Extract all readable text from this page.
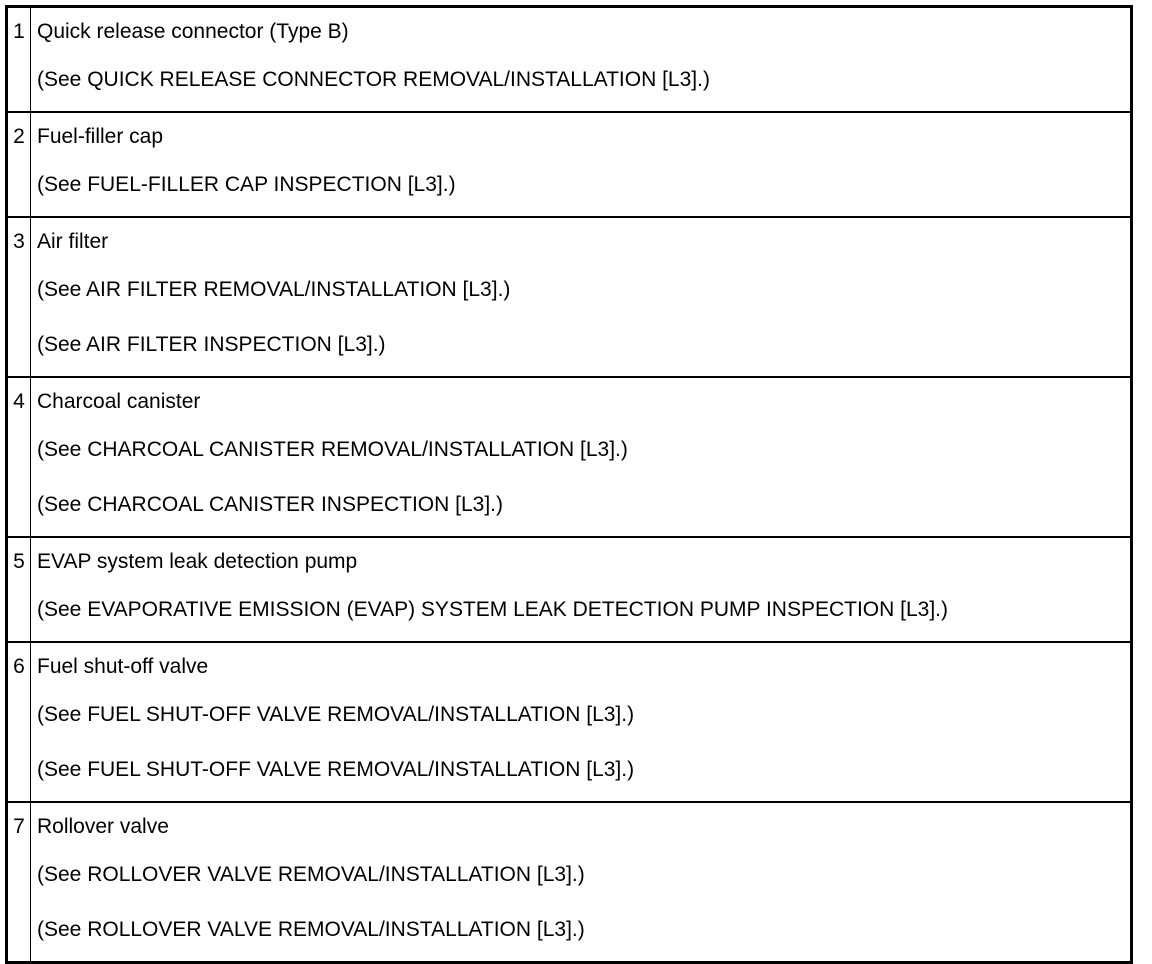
1	Quick release connector (Type B)
(See QUICK RELEASE CONNECTOR REMOVAL/INSTALLATION [L3].)

2	Fuel-filler cap
(See FUEL-FILLER CAP INSPECTION [L3].)

3	Air filter
(See AIR FILTER REMOVAL/INSTALLATION [L3].)
(See AIR FILTER INSPECTION [L3].)

4	Charcoal canister
(See CHARCOAL CANISTER REMOVAL/INSTALLATION [L3].)
(See CHARCOAL CANISTER INSPECTION [L3].)

5	EVAP system leak detection pump
(See EVAPORATIVE EMISSION (EVAP) SYSTEM LEAK DETECTION PUMP INSPECTION [L3].)

6	Fuel shut-off valve
(See FUEL SHUT-OFF VALVE REMOVAL/INSTALLATION [L3].)
(See FUEL SHUT-OFF VALVE REMOVAL/INSTALLATION [L3].)

7	Rollover valve
(See ROLLOVER VALVE REMOVAL/INSTALLATION [L3].)
(See ROLLOVER VALVE REMOVAL/INSTALLATION [L3].)
